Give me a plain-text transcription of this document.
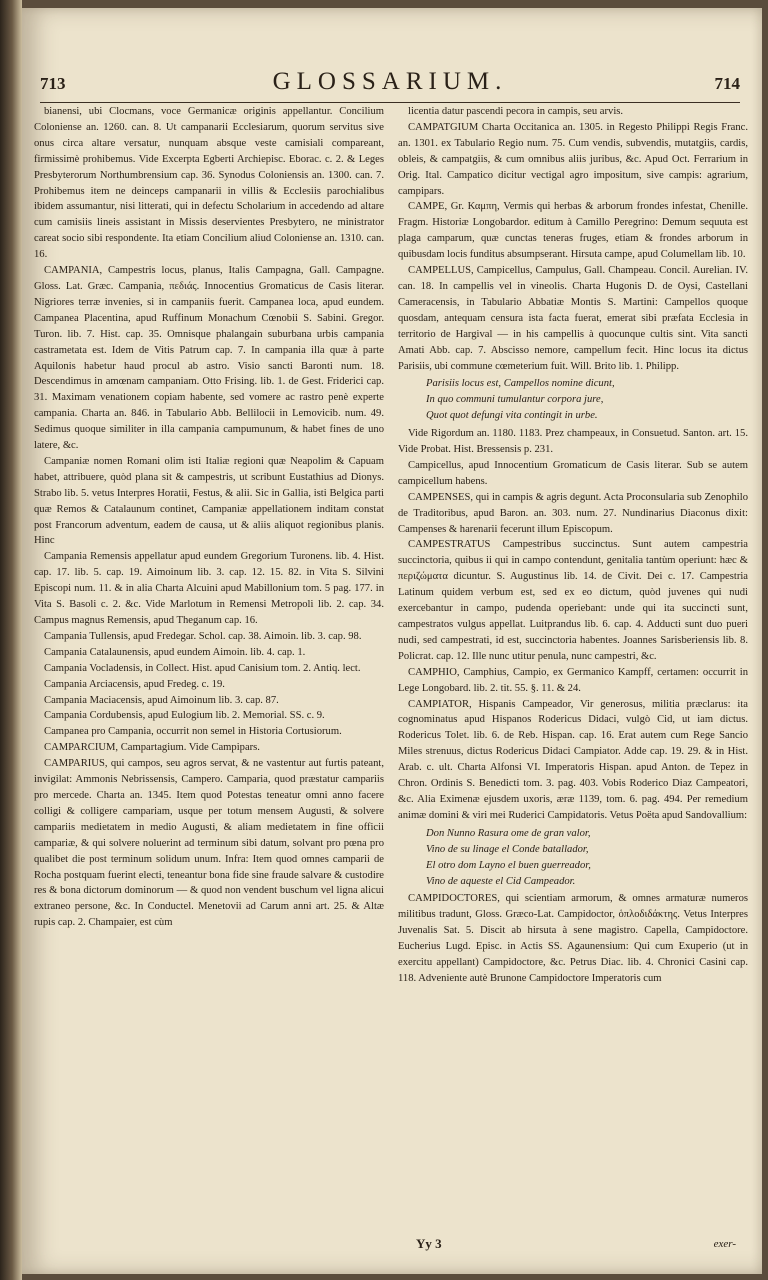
713	GLOSSARIUM.	714

bianensi, ubi Clocmans, voce Germanicæ originis appellantur. Concilium Coloniense an. 1260. can. 8. Ut campanarii Ecclesiarum, quorum servitus sive onus circa altare versatur, nunquam absque veste camisiali compareant, firmissimè prohibemus. Vide Excerpta Egberti Archiepisc. Eborac. c. 2. & Leges Presbyterorum Northumbrensium cap. 36. Synodus Coloniensis an. 1300. can. 7. Prohibemus item ne deinceps campanarii in villis & Ecclesiis parochialibus ibidem assumantur, nisi litterati, qui in defectu Scholarium in accedendo ad altare cum camisiis lineis assistant in Missis deservientes Presbytero, ne ministrator careat socio sibi respondente. Ita etiam Concilium aliud Coloniense an. 1310. can. 16.

CAMPANIA, Campestris locus, planus, Italis Campagna, Gall. Campagne. Gloss. Lat. Græc. Campania, πεδιάς. Innocentius Gromaticus de Casis literar. Nigriores terræ invenies, si in campaniis fuerit. Campanea loca, apud eundem. Campanea Placentina, apud Ruffinum Monachum Cœnobii S. Sabini. Gregor. Turon. lib. 7. Hist. cap. 35. Omnisque phalangain suburbana urbis campania castrametata est. Idem de Vitis Patrum cap. 7. In campania illa quæ à parte Aquilonis habetur haud procul ab astro. Visio sancti Baronti num. 18. Descendimus in amœnam campaniam. Otto Frising. lib. 1. de Gest. Friderici cap. 31. Maximam venationem copiam habente, sed vomere ac rastro penè experte campania. Charta an. 846. in Tabulario Abb. Bellilocii in Lemovicib. num. 49. Sedimus quoque similiter in illa campania campumunum, & habet fines de uno latere, &c.

Campaniæ nomen Romani olim isti Italiæ regioni quæ Neapolim & Capuam habet, attribuere, quòd plana sit & campestris, ut scribunt Eustathius ad Dionys. Strabo lib. 5. vetus Interpres Horatii, Festus, & alii. Sic in Gallia, isti Belgica parti quæ Remos & Catalaunum continet, Campaniæ appellationem inditam constat post Francorum adventum, eadem de causa, ut & aliis aliquot regionibus planis. Hinc

Campania Remensis appellatur apud eundem Gregorium Turonens. lib. 4. Hist. cap. 17. lib. 5. cap. 19. Aimoinum lib. 3. cap. 12. 15. 82. in Vita S. Silvini Episcopi num. 11. & in alia Charta Alcuini apud Mabillonium tom. 5 pag. 177. in Vita S. Basoli c. 2. &c. Vide Marlotum in Remensi Metropoli lib. 2. cap. 34. Campus magnus Remensis, apud Theganum cap. 16.

Campania Tullensis, apud Fredegar. Schol. cap. 38. Aimoin. lib. 3. cap. 98.

Campania Catalaunensis, apud eundem Aimoin. lib. 4. cap. 1.

Campania Vocladensis, in Collect. Hist. apud Canisium tom. 2. Antiq. lect.

Campania Arciacensis, apud Fredeg. c. 19.

Campania Maciacensis, apud Aimoinum lib. 3. cap. 87.

Campania Cordubensis, apud Eulogium lib. 2. Memorial. SS. c. 9.

Campanea pro Campania, occurrit non semel in Historia Cortusiorum.

CAMPARCIUM, Campartagium. Vide Campipars.

CAMPARIUS, qui campos, seu agros servat, & ne vastentur aut furtis pateant, invigilat: Ammonis Nebrissensis, Campero. Camparia, quod præstatur campariis pro mercede. Charta an. 1345. Item quod Potestas teneatur omni anno facere colligi & colligere campariam, usque per totum mensem Augusti, & solvere campariis medietatem in medio Augusti, & aliam medietatem in fine officii campariæ, & qui solvere noluerint ad terminum sibi datum, solvant pro pœna pro qualibet die post terminum solidum unum. Infra: Item quod omnes camparii de Rocha postquam fuerint electi, teneantur bona fide sine fraude salvare & custodire res & bona dictorum dominorum — & quod non vendent buschum vel ligna alicui extraneo persone, &c. In Conductel. Menetovii ad Carum anni art. 25. & Altæ rupis cap. 2. Champaier, est cùm

licentia datur pascendi pecora in campis, seu arvis.

CAMPATGIUM Charta Occitanica an. 1305. in Regesto Philippi Regis Franc. an. 1301. ex Tabulario Regio num. 75. Cum vendis, subvendis, mutatgiis, cardis, obleis, & campatgiis, & cum omnibus aliis juribus, &c. Apud Oct. Ferrarium in Orig. Ital. Campatico dicitur vectigal agro impositum, sive campis: agrarium, campipars.

CAMPE, Gr. Καμπη, Vermis qui herbas & arborum frondes infestat, Chenille. Fragm. Historiæ Longobardor. editum à Camillo Peregrino: Demum sequuta est plaga camparum, quæ cunctas teneras fruges, etiam & frondes arborum in quibusdam locis funditus absumpserant. Hirsuta campe, apud Columellam lib. 10.

CAMPELLUS, Campicellus, Campulus, Gall. Champeau. Concil. Aurelian. IV. can. 18. In campellis vel in vineolis. Charta Hugonis D. de Oysi, Castellani Cameracensis, in Tabulario Abbatiæ Montis S. Martini: Campellos quoque quosdam, antequam censura ista facta fuerat, emerat sibi præfata Ecclesia in territorio de Hargival — in his campellis à quocunque cultis sint. Vita sancti Amati Abb. cap. 7. Abscisso nemore, campellum fecit. Hinc locus ita dictus Parisiis, ubi commune cœmeterium fuit. Will. Brito lib. 1. Philipp.

Parisiis locus est, Campellos nomine dicunt,
In quo communi tumulantur corpora jure,
Quot quot defungi vita contingit in urbe.

Vide Rigordum an. 1180. 1183. Prez champeaux, in Consuetud. Santon. art. 15. Vide Probat. Hist. Bressensis p. 231.

Campicellus, apud Innocentium Gromaticum de Casis literar. Sub se autem campicellum habens.

CAMPENSES, qui in campis & agris degunt. Acta Proconsularia sub Zenophilo de Traditoribus, apud Baron. an. 303. num. 27. Nundinarius Diaconus dixit: Campenses & harenarii fecerunt illum Episcopum.

CAMPESTRATUS Campestribus succinctus. Sunt autem campestria succinctoria, quibus ii qui in campo contendunt, genitalia tantùm operiunt: hæc & περιζώματα dicuntur. S. Augustinus lib. 14. de Civit. Dei c. 17. Campestria Latinum quidem verbum est, sed ex eo dictum, quòd juvenes qui nudi exercebantur in campo, pudenda operiebant: unde qui ita succincti sunt, campestratos vulgus appellat. Luitprandus lib. 6. cap. 4. Adducti sunt duo pueri nudi, sed campestrati, id est, succinctoria habentes. Joannes Sarisberiensis lib. 8. Policrat. cap. 12. Ille nunc utitur penula, nunc campestri, &c.

CAMPHIO, Camphius, Campio, ex Germanico Kampff, certamen: occurrit in Lege Longobard. lib. 2. tit. 55. §. 11. & 24.

CAMPIATOR, Hispanis Campeador, Vir generosus, militia præclarus: ita cognominatus apud Hispanos Rodericus Didaci, vulgò Cid, ut iam dictus. Rodericus Tolet. lib. 6. de Reb. Hispan. cap. 16. Erat autem cum Rege Sancio Miles strenuus, dictus Rodericus Didaci Campiator. Adde cap. 19. 29. & in Hist. Arab. c. ult. Charta Alfonsi VI. Imperatoris Hispan. apud Anton. de Tepez in Chron. Ordinis S. Benedicti tom. 3. pag. 403. Vobis Roderico Diaz Campeatori, &c. Alia Eximenæ ejusdem uxoris, æræ 1139, tom. 6. pag. 494. Per remedium animæ domini & viri mei Ruderici Campidatoris. Vetus Poëta apud Sandovallium:

Don Nunno Rasura ome de gran valor,
Vino de su linage el Conde batallador,
El otro dom Layno el buen guerreador,
Vino de aqueste el Cid Campeador.

CAMPIDOCTORES, qui scientiam armorum, & omnes armaturæ numeros militibus tradunt, Gloss. Græco-Lat. Campidoctor, ὁπλοδιδάκτης. Vetus Interpres Juvenalis Sat. 5. Discit ab hirsuta à sene magistro. Capella, Campidoctore. Eucherius Lugd. Episc. in Actis SS. Agaunensium: Qui cum Exuperio (ut in exercitu appellant) Campidoctore, &c. Petrus Diac. lib. 4. Chronici Casini cap. 118. Adveniente autè Brunone Campidoctore Imperatoris cum

Yy 3	exer-
